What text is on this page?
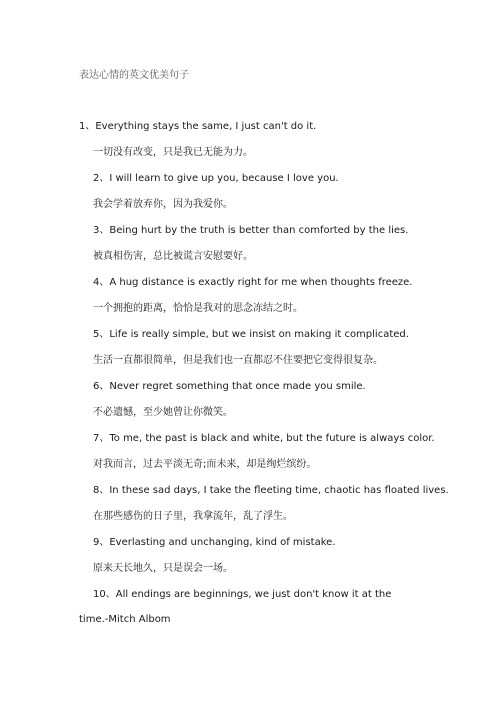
表达心情的英文优美句子
1、Everything stays the same, I just can't do it.
一切没有改变，只是我已无能为力。
2、I will learn to give up you, because I love you.
我会学着放弃你，因为我爱你。
3、Being hurt by the truth is better than comforted by the lies.
被真相伤害，总比被谎言安慰要好。
4、A hug distance is exactly right for me when thoughts freeze.
一个拥抱的距离，恰恰是我对的思念冻结之时。
5、Life is really simple, but we insist on making it complicated.
生活一直都很简单，但是我们也一直都忍不住要把它变得很复杂。
6、Never regret something that once made you smile.
不必遗憾，至少她曾让你微笑。
7、To me, the past is black and white, but the future is always color.
对我而言，过去平淡无奇;而未来，却是绚烂缤纷。
8、In these sad days, I take the fleeting time, chaotic has floated lives.
在那些感伤的日子里，我拿流年，乱了浮生。
9、Everlasting and unchanging, kind of mistake.
原来天长地久，只是误会一场。
10、All endings are beginnings, we just don't know it at the
time.-Mitch Albom
